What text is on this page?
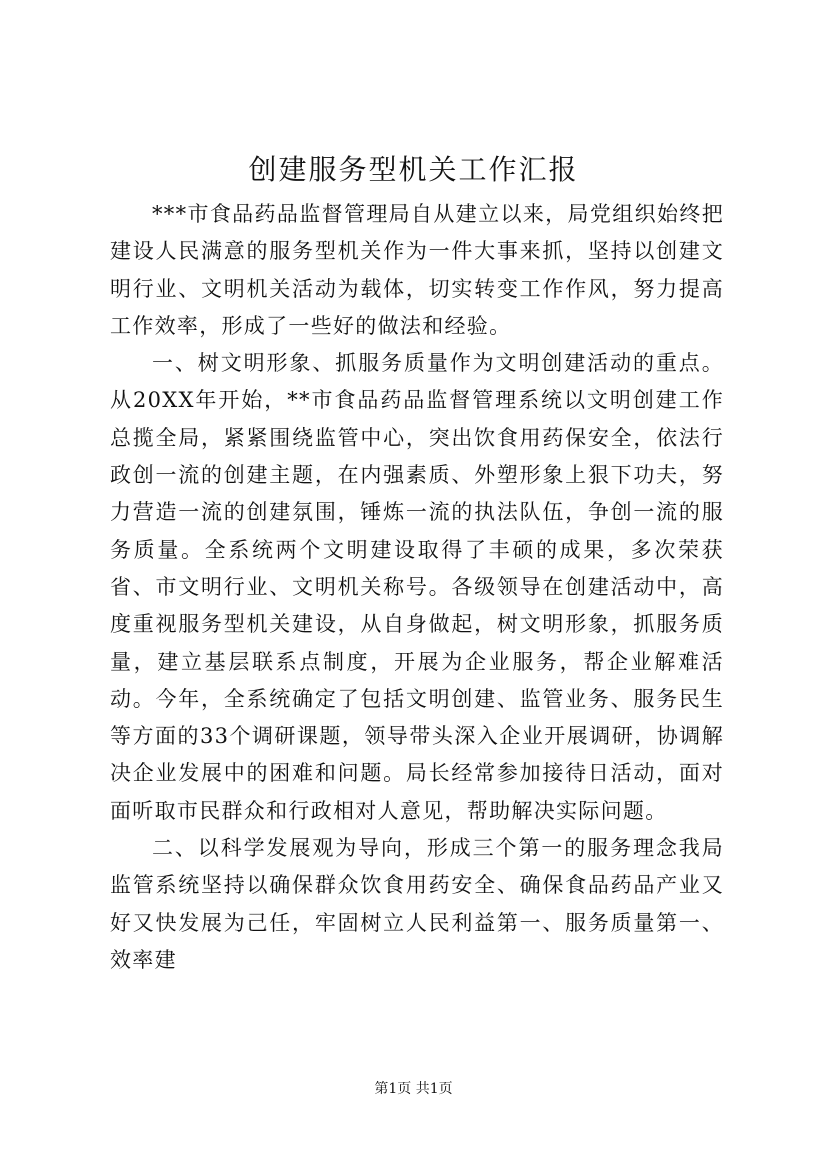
创建服务型机关工作汇报

***市食品药品监督管理局自从建立以来，局党组织始终把建设人民满意的服务型机关作为一件大事来抓，坚持以创建文明行业、文明机关活动为载体，切实转变工作作风，努力提高工作效率，形成了一些好的做法和经验。

一、树文明形象、抓服务质量作为文明创建活动的重点。从20XX年开始，**市食品药品监督管理系统以文明创建工作总揽全局，紧紧围绕监管中心，突出饮食用药保安全，依法行政创一流的创建主题，在内强素质、外塑形象上狠下功夫，努力营造一流的创建氛围，锤炼一流的执法队伍，争创一流的服务质量。全系统两个文明建设取得了丰硕的成果，多次荣获省、市文明行业、文明机关称号。各级领导在创建活动中，高度重视服务型机关建设，从自身做起，树文明形象，抓服务质量，建立基层联系点制度，开展为企业服务，帮企业解难活动。今年，全系统确定了包括文明创建、监管业务、服务民生等方面的33个调研课题，领导带头深入企业开展调研，协调解决企业发展中的困难和问题。局长经常参加接待日活动，面对面听取市民群众和行政相对人意见，帮助解决实际问题。

二、以科学发展观为导向，形成三个第一的服务理念我局监管系统坚持以确保群众饮食用药安全、确保食品药品产业又好又快发展为己任，牢固树立人民利益第一、服务质量第一、效率建

第1页 共1页
